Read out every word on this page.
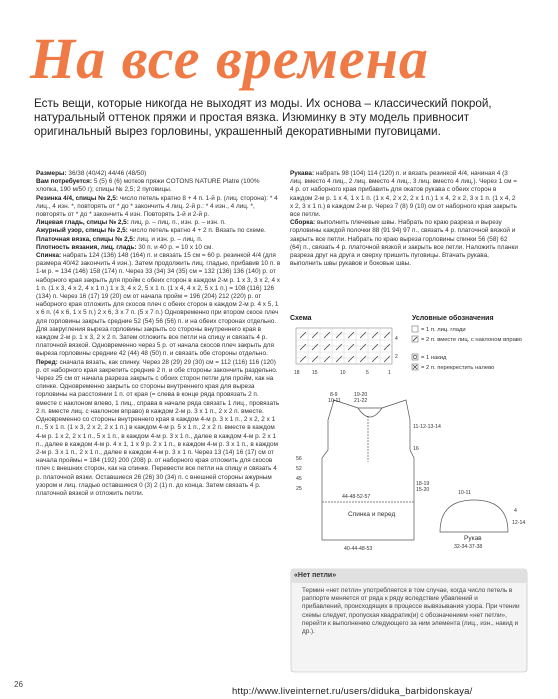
На все времена
Есть вещи, которые никогда не выходят из моды. Их основа – классический покрой, натуральный оттенок пряжи и простая вязка. Изюминку в эту модель привносит оригинальный вырез горловины, украшенный декоративными пуговицами.

Размеры: 36/38 (40/42) 44/46 (48/50)

Вам потребуется: 5 (5) 6 (6) мотков пряжи COTONS NATURE Platre (100% хлопка, 190 м/50 г); спицы № 2,5; 2 пуговицы.

Резинка 4/4, спицы № 2,5: число петель кратно 8 + 4 п. 1-й р. (лиц. сторона): * 4 лиц., 4 изн. *, повторять от * до * закончить 4 лиц. 2-й р.: * 4 изн., 4 лиц. *, повторять от * до * закончить 4 изн. Повторять 1-й и 2-й р.

Лицевая гладь, спицы № 2,5: лиц. р. – лиц. п., изн. р. – изн. п.

Ажурный узор, спицы № 2,5: число петель кратно 4 + 2 п. Вязать по схеме.

Платочная вязка, спицы № 2,5: лиц. и изн. р. – лиц. п.

Плотность вязания, лиц. гладь: 30 п. и 40 р. = 10 х 10 см.

Спинка: набрать 124 (136) 148 (164) п. и связать 15 см = 60 р. резинкой 4/4 (для размера 40/42 закончить 4 изн.). Затем продолжить лиц. гладью, прибавив 10 п. в 1-м р. = 134 (146) 158 (174) п. Через 33 (34) 34 (35) см = 132 (136) 136 (140) р. от наборного края закрыть для пройм с обеих сторон в каждом 2-м р. 1 х 3, 3 х 2, 4 х 1 п. (1 х 3, 4 х 2, 4 х 1 п.) 1 х 3, 4 х 2, 5 х 1 п. (1 х 4, 4 х 2, 5 х 1 п.) = 108 (116) 126 (134) п. Через 16 (17) 19 (20) см от начала пройм = 196 (204) 212 (220) р. от наборного края отложить для скосов плеч с обеих сторон в каждом 2-м р. 4 х 5, 1 х 6 п. (4 х 6, 1 х 5 п.) 2 х 6, 3 х 7 п. (5 х 7 п.) Одновременно при втором скосе плеч для горловины закрыть средние 52 (54) 56 (56) п. и на обеих сторонах отдельно. Для закругления выреза горловины закрыть со стороны внутреннего края в каждом 2-м р. 1 х 3, 2 х 2 п. Затем отложить все петли на спицу и связать 4 р. платочной вязкой. Одновременно через 5 р. от начала скосов плеч закрыть для выреза горловины средние 42 (44) 48 (50) п. и связать обе стороны отдельно.

Перед: сначала вязать, как спинку. Через 28 (29) 29 (30) см = 112 (116) 116 (120) р. от наборного края закрепить средние 2 п. и обе стороны закончить раздельно. Через 25 см от начала разреза закрыть с обоих сторон петли для пройм, как на спинке. Одновременно закрыть со стороны внутреннего края для выреза горловины на расстоянии 1 п. от края (= слева в конце ряда провязать 2 п. вместе с наклоном влево, 1 лиц., справа в начале ряда связать 1 лиц., провязать 2 п. вместе лиц. с наклоном вправо) в каждом 2-м р. 3 х 1 п., 2 х 2 п. вместе. Одновременно со стороны внутреннего края в каждом 4-м р. 3 х 1 п., 2 х 2, 2 х 1 п., 5 х 1 п. (1 х 3, 2 х 2, 2 х 1 п.) в каждом 4-м р. 5 х 1 п., 2 х 2 п. вместе в каждом 4-м р. 1 х 2, 2 х 1 п., 5 х 1 п., в каждом 4-м р. 3 х 1 п., далее в каждом 4-м р. 2 х 1 п., далее в каждом 4-м р. 4 х 1, 1 х 9 р. 2 х 1 п., в каждом 4-м р. 3 х 1 п., в каждом 2-м р. 3 х 1 п., 2 х 1 п., далее в каждом 4-м р. 3 х 1 п. Через 13 (14) 16 (17) см от начала проймы = 184 (192) 200 (208) р. от наборного края отложить для скосов плеч с внешних сторон, как на спинке. Перевести все петли на спицу и связать 4 р. платочной вязки. Оставшиеся 26 (26) 30 (34) п. с внешней стороны ажурным узором и лиц. гладью оставшиеся 0 (3) 2 (1) п. до конца. Затем связать 4 р. платочной вязкой и отложить петли.

Рукава: набрать 98 (104) 114 (120) п. и вязать резинкой 4/4, начиная 4 (3 лиц. вместо 4 лиц., 2 лиц. вместо 4 лиц., 3 лиц. вместо 4 лиц.). Через 1 см = 4 р. от наборного края прибавить для окатов рукава с обеих сторон в каждом 2-м р. 1 х 4, 1 х 1 п. (1 х 4, 2 х 2, 2 х 1 п.) 1 х 4, 2 х 2, 3 х 1 п. (1 х 4, 2 х 2, 3 х 1 п.) в каждом 2-м р. Через 7 (8) 9 (10) см от наборного края закрыть все петли.

Сборка: выполнить плечевые швы. Набрать по краю разреза и вырезу горловины каждой полочки 88 (91 94) 97 п., связать 4 р. платочной вязкой и закрыть все петли. Набрать по краю выреза горловины спинки 56 (58) 62 (64) п., связать 4 р. платочной вязкой и закрыть все петли. Наложить планки разреза друг на друга и сверху пришить пуговицы. Втачать рукава, выполнить швы рукавов и боковые швы.

Схема
4
2
18 15	10	5	1
Условные обозначения
= 1 п. лиц. глади
= 2 п. вместе лиц. с наклоном вправо
= 1 накид
= 2 п. перекрестить налево
8-9
10-11
19-20
21-22
11-12-13-14
16
18-19
15-20
56
52
45
25
44-48-52-57
Спинка и перед
40-44-48-53
10-11
4
12-14
Рукав
32-34-37-38
«Нет петли»
Термин «нет петли» употребляется в том случае, когда число петель в раппорте меняется от ряда к ряду вследствие убавлений и прибавлений, происходящих в процессе вывязывания узора. При чтении схемы следует, пропуская квадратик(и) с обозначением «нет петли», перейти к выполнению следующего за ним элемента (лиц., изн., накид и др.).
26
http://www.liveinternet.ru/users/diduka_barbidonskaya/
